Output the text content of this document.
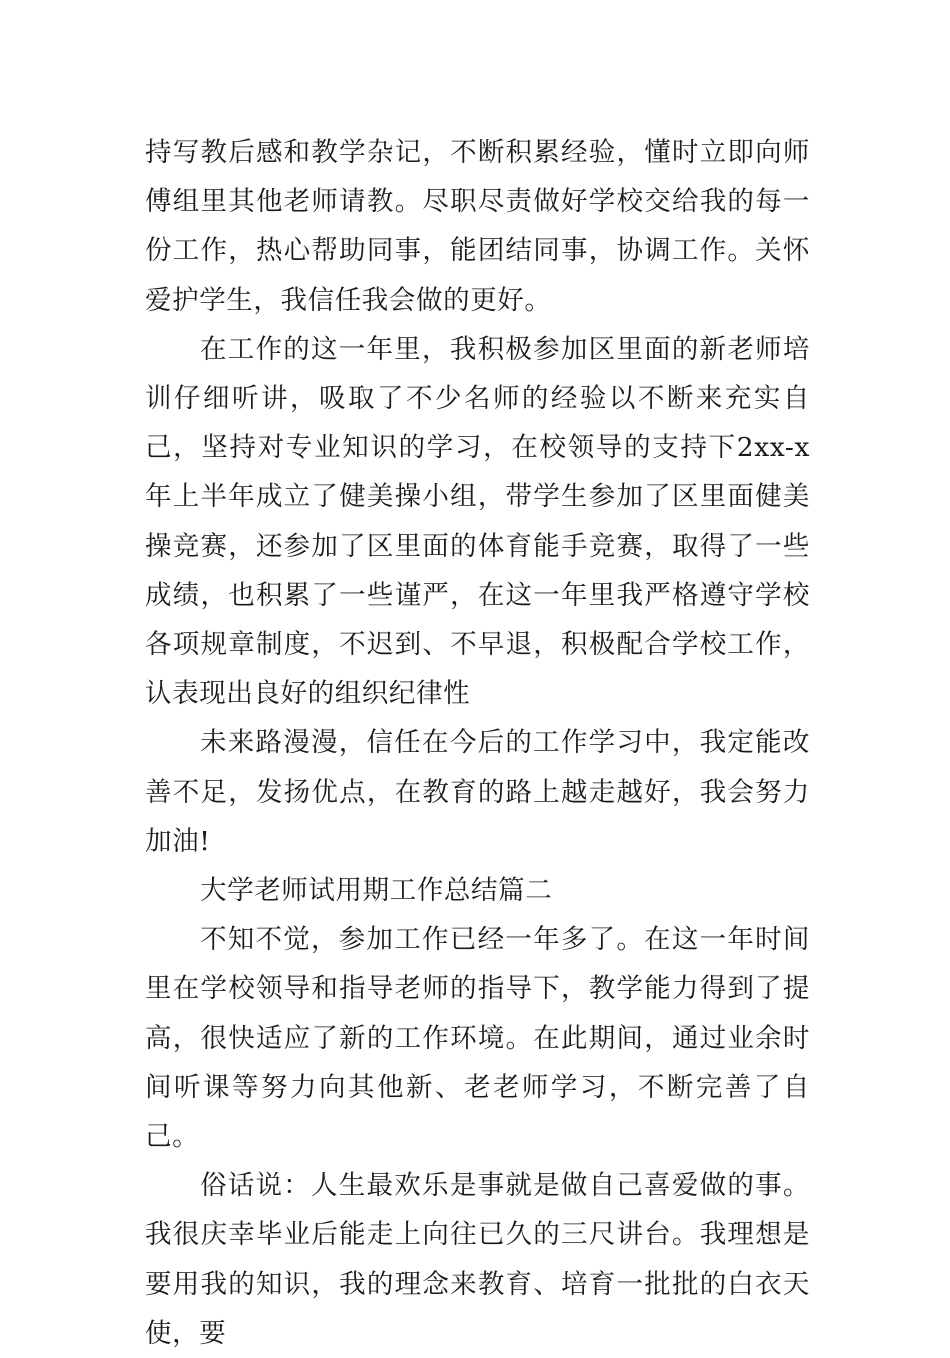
持写教后感和教学杂记，不断积累经验，懂时立即向师傅组里其他老师请教。尽职尽责做好学校交给我的每一份工作，热心帮助同事，能团结同事，协调工作。关怀爱护学生，我信任我会做的更好。

在工作的这一年里，我积极参加区里面的新老师培训仔细听讲，吸取了不少名师的经验以不断来充实自己，坚持对专业知识的学习，在校领导的支持下2xx-x年上半年成立了健美操小组，带学生参加了区里面健美操竞赛，还参加了区里面的体育能手竞赛，取得了一些成绩，也积累了一些谨严，在这一年里我严格遵守学校各项规章制度，不迟到、不早退，积极配合学校工作，认表现出良好的组织纪律性

未来路漫漫，信任在今后的工作学习中，我定能改善不足，发扬优点，在教育的路上越走越好，我会努力加油!

大学老师试用期工作总结篇二

不知不觉，参加工作已经一年多了。在这一年时间里在学校领导和指导老师的指导下，教学能力得到了提高，很快适应了新的工作环境。在此期间，通过业余时间听课等努力向其他新、老老师学习，不断完善了自己。

俗话说：人生最欢乐是事就是做自己喜爱做的事。我很庆幸毕业后能走上向往已久的三尺讲台。我理想是要用我的知识，我的理念来教育、培育一批批的白衣天使，要
